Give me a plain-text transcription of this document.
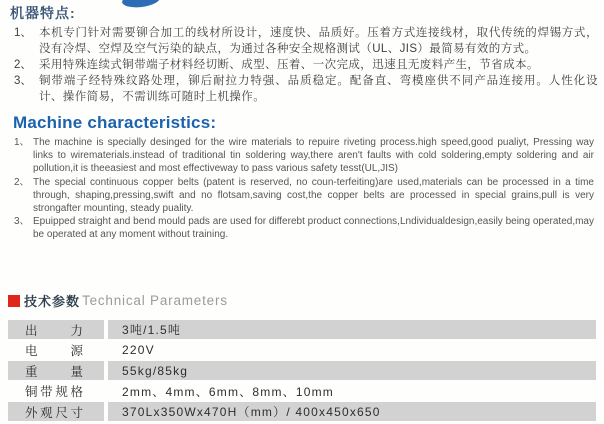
机器特点:
1、 本机专门针对需要铆合加工的线材所设计，速度快、品质好。压着方式连接线材，取代传统的焊锡方式，没有冷焊、空焊及空气污染的缺点，为通过各种安全规格测试（UL、JIS）最简易有效的方式。
2、 采用特殊连续式铜带端子材料经切断、成型、压着、一次完成，迅速且无废料产生，节省成本。
3、 铜带端子经特殊纹路处理，铆后耐拉力特强、品质稳定。配备直、弯模座供不同产品连接用。人性化设计、操作简易，不需训练可随时上机操作。
Machine characteristics:
1、 The machine is specially desinged for the wire materials to repuire riveting process.high speed,good pualiyt, Pressing way links to wirematerials.instead of traditional tin soldering way,there aren't faults with cold soldering,empty soldering and air pollution,it is theeasiest and most effectiveway to pass various safety tesst(UL,JIS)
2、 The special continuous copper belts (patent is reserved, no coun-terfeiting)are used,materials can be processed in a time through, shaping,pressing,swift and no flotsam,saving cost,the copper belts are processed in special grains,pull is very strongafter mounting, steady puality.
3、 Epuipped straight and bend mould pads are used for differebt product connections,Lndividualdesign,easily being operated,may be operated at any moment without training.
技术参数 Technical Parameters
出力	3吨/1.5吨
电源	220V
重量	55kg/85kg
铜带规格	2mm、4mm、6mm、8mm、10mm
外观尺寸	370Lx350Wx470H（mm）/ 400x450x650
